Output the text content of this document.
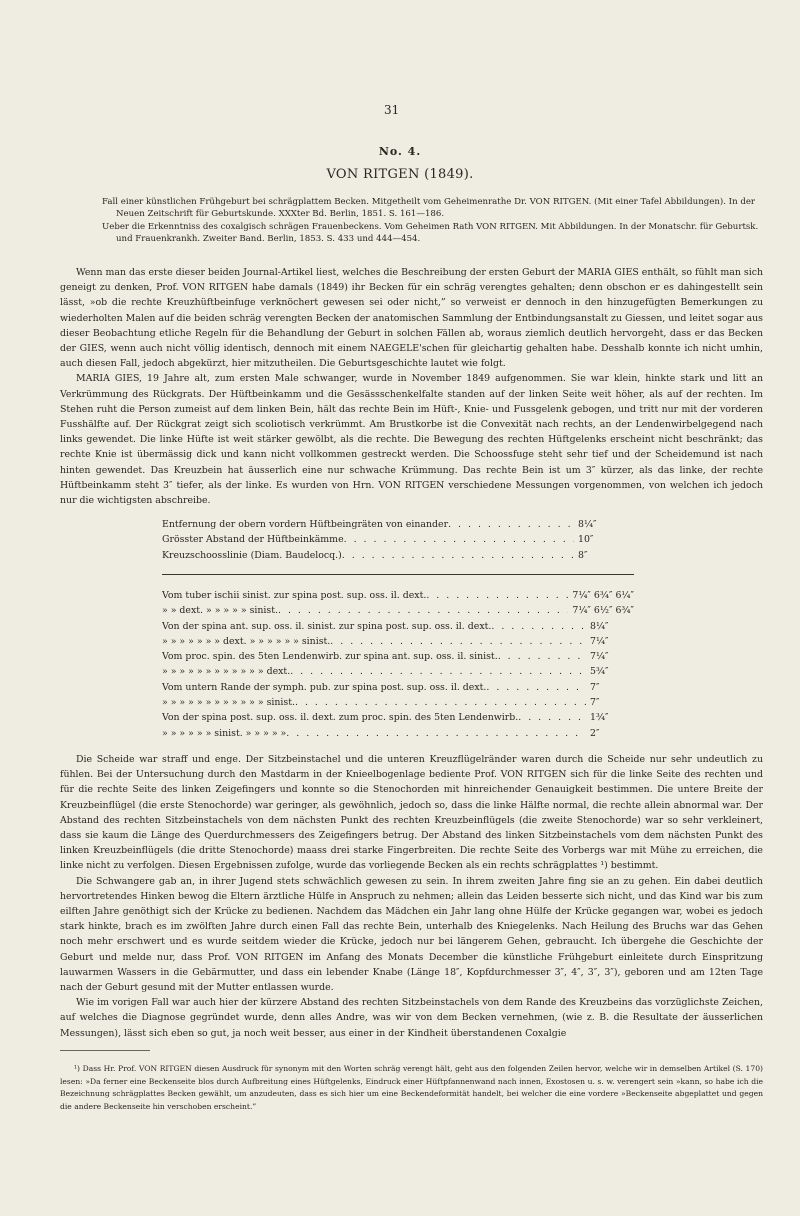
31
No. 4.
VON RITGEN (1849).
Fall einer künstlichen Frühgeburt bei schrägplattem Becken. Mitgetheilt vom Geheimenrathe Dr. VON RITGEN. (Mit einer Tafel Abbildungen). In der Neuen Zeitschrift für Geburtskunde. XXXter Bd. Berlin, 1851. S. 161—186.
Ueber die Erkenntniss des coxalgisch schrägen Frauenbeckens. Vom Geheimen Rath VON RITGEN. Mit Abbildungen. In der Monatschr. für Geburtsk. und Frauenkrankh. Zweiter Band. Berlin, 1853. S. 433 und 444—454.

Wenn man das erste dieser beiden Journal-Artikel liest, welches die Beschreibung der ersten Geburt der MARIA GIES enthält, so fühlt man sich geneigt zu denken, Prof. VON RITGEN habe damals (1849) ihr Becken für ein schräg verengtes gehalten; denn obschon er es dahingestellt sein lässt, »ob die rechte Kreuzhüftbeinfuge verknöchert gewesen sei oder nicht,” so verweist er dennoch in den hinzugefügten Bemerkungen zu wiederholten Malen auf die beiden schräg verengten Becken der anatomischen Sammlung der Entbindungsanstalt zu Giessen, und leitet sogar aus dieser Beobachtung etliche Regeln für die Behandlung der Geburt in solchen Fällen ab, woraus ziemlich deutlich hervorgeht, dass er das Becken der GIES, wenn auch nicht völlig identisch, dennoch mit einem NAEGELE'schen für gleichartig gehalten habe. Desshalb konnte ich nicht umhin, auch diesen Fall, jedoch abgekürzt, hier mitzutheilen. Die Geburtsgeschichte lautet wie folgt.

MARIA GIES, 19 Jahre alt, zum ersten Male schwanger, wurde in November 1849 aufgenommen. Sie war klein, hinkte stark und litt an Verkrümmung des Rückgrats. Der Hüftbeinkamm und die Gesässschenkelfalte standen auf der linken Seite weit höher, als auf der rechten. Im Stehen ruht die Person zumeist auf dem linken Bein, hält das rechte Bein im Hüft-, Knie- und Fussgelenk gebogen, und tritt nur mit der vorderen Fusshälfte auf. Der Rückgrat zeigt sich scoliotisch verkrümmt. Am Brustkorbe ist die Convexität nach rechts, an der Lendenwirbelgegend nach links gewendet. Die linke Hüfte ist weit stärker gewölbt, als die rechte. Die Bewegung des rechten Hüftgelenks erscheint nicht beschränkt; das rechte Knie ist übermässig dick und kann nicht vollkommen gestreckt werden. Die Schoossfuge steht sehr tief und der Scheidemund ist nach hinten gewendet. Das Kreuzbein hat äusserlich eine nur schwache Krümmung. Das rechte Bein ist um 3″ kürzer, als das linke, der rechte Hüftbeinkamm steht 3″ tiefer, als der linke. Es wurden von Hrn. VON RITGEN verschiedene Messungen vorgenommen, von welchen ich jedoch nur die wichtigsten abschreibe.

Entfernung der obern vordern Hüftbeingräten von einander . . .	8¼″
Grösster Abstand der Hüftbeinkämme . . .	10″
Kreuzschoosslinie (Diam. Baudelocq.) . . .	8″
Vom tuber ischii sinist. zur spina post. sup. oss. il. dext. . . .	7¼″ 6¾″ 6¼″
» » dext. » » » » » sinist. . . .	7¼″ 6½″ 6¾″
Von der spina ant. sup. oss. il. sinist. zur spina post. sup. oss. il. dext. . . .	8¼″
» » » » » » » dext. » » » » » » sinist. . . .	7¼″
Vom proc. spin. des 5ten Lendenwirb. zur spina ant. sup. oss. il. sinist. . . .	7¼″
» » » » » » » » » » » » dext. . . .	5¾″
Vom untern Rande der symph. pub. zur spina post. sup. oss. il. dext. . . .	7″
» » » » » » » » » » » » sinist. . . .	7″
Von der spina post. sup. oss. il. dext. zum proc. spin. des 5ten Lendenwirb. . . .	1¾″
» » » » » » sinist. » » » » » . . .	2″

Die Scheide war straff und enge. Der Sitzbeinstachel und die unteren Kreuzflügelränder waren durch die Scheide nur sehr undeutlich zu fühlen. Bei der Untersuchung durch den Mastdarm in der Knieelbogenlage bediente Prof. VON RITGEN sich für die linke Seite des rechten und für die rechte Seite des linken Zeigefingers und konnte so die Stenochorden mit hinreichender Genauigkeit bestimmen. Die untere Breite der Kreuzbeinflügel (die erste Stenochorde) war geringer, als gewöhnlich, jedoch so, dass die linke Hälfte normal, die rechte allein abnormal war. Der Abstand des rechten Sitzbeinstachels von dem nächsten Punkt des rechten Kreuzbeinflügels (die zweite Stenochorde) war so sehr verkleinert, dass sie kaum die Länge des Querdurchmessers des Zeigefingers betrug. Der Abstand des linken Sitzbeinstachels vom dem nächsten Punkt des linken Kreuzbeinflügels (die dritte Stenochorde) maass drei starke Fingerbreiten. Die rechte Seite des Vorbergs war mit Mühe zu erreichen, die linke nicht zu verfolgen. Diesen Ergebnissen zufolge, wurde das vorliegende Becken als ein rechts schrägplattes ¹) bestimmt.

Die Schwangere gab an, in ihrer Jugend stets schwächlich gewesen zu sein. In ihrem zweiten Jahre fing sie an zu gehen. Ein dabei deutlich hervortretendes Hinken bewog die Eltern ärztliche Hülfe in Anspruch zu nehmen; allein das Leiden besserte sich nicht, und das Kind war bis zum eilften Jahre genöthigt sich der Krücke zu bedienen. Nachdem das Mädchen ein Jahr lang ohne Hülfe der Krücke gegangen war, wobei es jedoch stark hinkte, brach es im zwölften Jahre durch einen Fall das rechte Bein, unterhalb des Kniegelenks. Nach Heilung des Bruchs war das Gehen noch mehr erschwert und es wurde seitdem wieder die Krücke, jedoch nur bei längerem Gehen, gebraucht. Ich übergehe die Geschichte der Geburt und melde nur, dass Prof. VON RITGEN im Anfang des Monats December die künstliche Frühgeburt einleitete durch Einspritzung lauwarmen Wassers in die Gebärmutter, und dass ein lebender Knabe (Länge 18″, Kopfdurchmesser 3″, 4″, 3″, 3″), geboren und am 12ten Tage nach der Geburt gesund mit der Mutter entlassen wurde.

Wie im vorigen Fall war auch hier der kürzere Abstand des rechten Sitzbeinstachels von dem Rande des Kreuzbeins das vorzüglichste Zeichen, auf welches die Diagnose gegründet wurde, denn alles Andre, was wir von dem Becken vernehmen, (wie z. B. die Resultate der äusserlichen Messungen), lässt sich eben so gut, ja noch weit besser, aus einer in der Kindheit überstandenen Coxalgie

¹) Dass Hr. Prof. VON RITGEN diesen Ausdruck für synonym mit den Worten schräg verengt hält, geht aus den folgenden Zeilen hervor, welche wir in demselben Artikel (S. 170) lesen: »Da ferner eine Beckenseite blos durch Aufbreitung eines Hüftgelenks, Eindruck einer Hüftpfannenwand nach innen, Exostosen u. s. w. verengert sein »kann, so habe ich die Bezeichnung schrägplattes Becken gewählt, um anzudeuten, dass es sich hier um eine Beckendeformität handelt, bei welcher die eine vordere »Beckenseite abgeplattet und gegen die andere Beckenseite hin verschoben erscheint.”
